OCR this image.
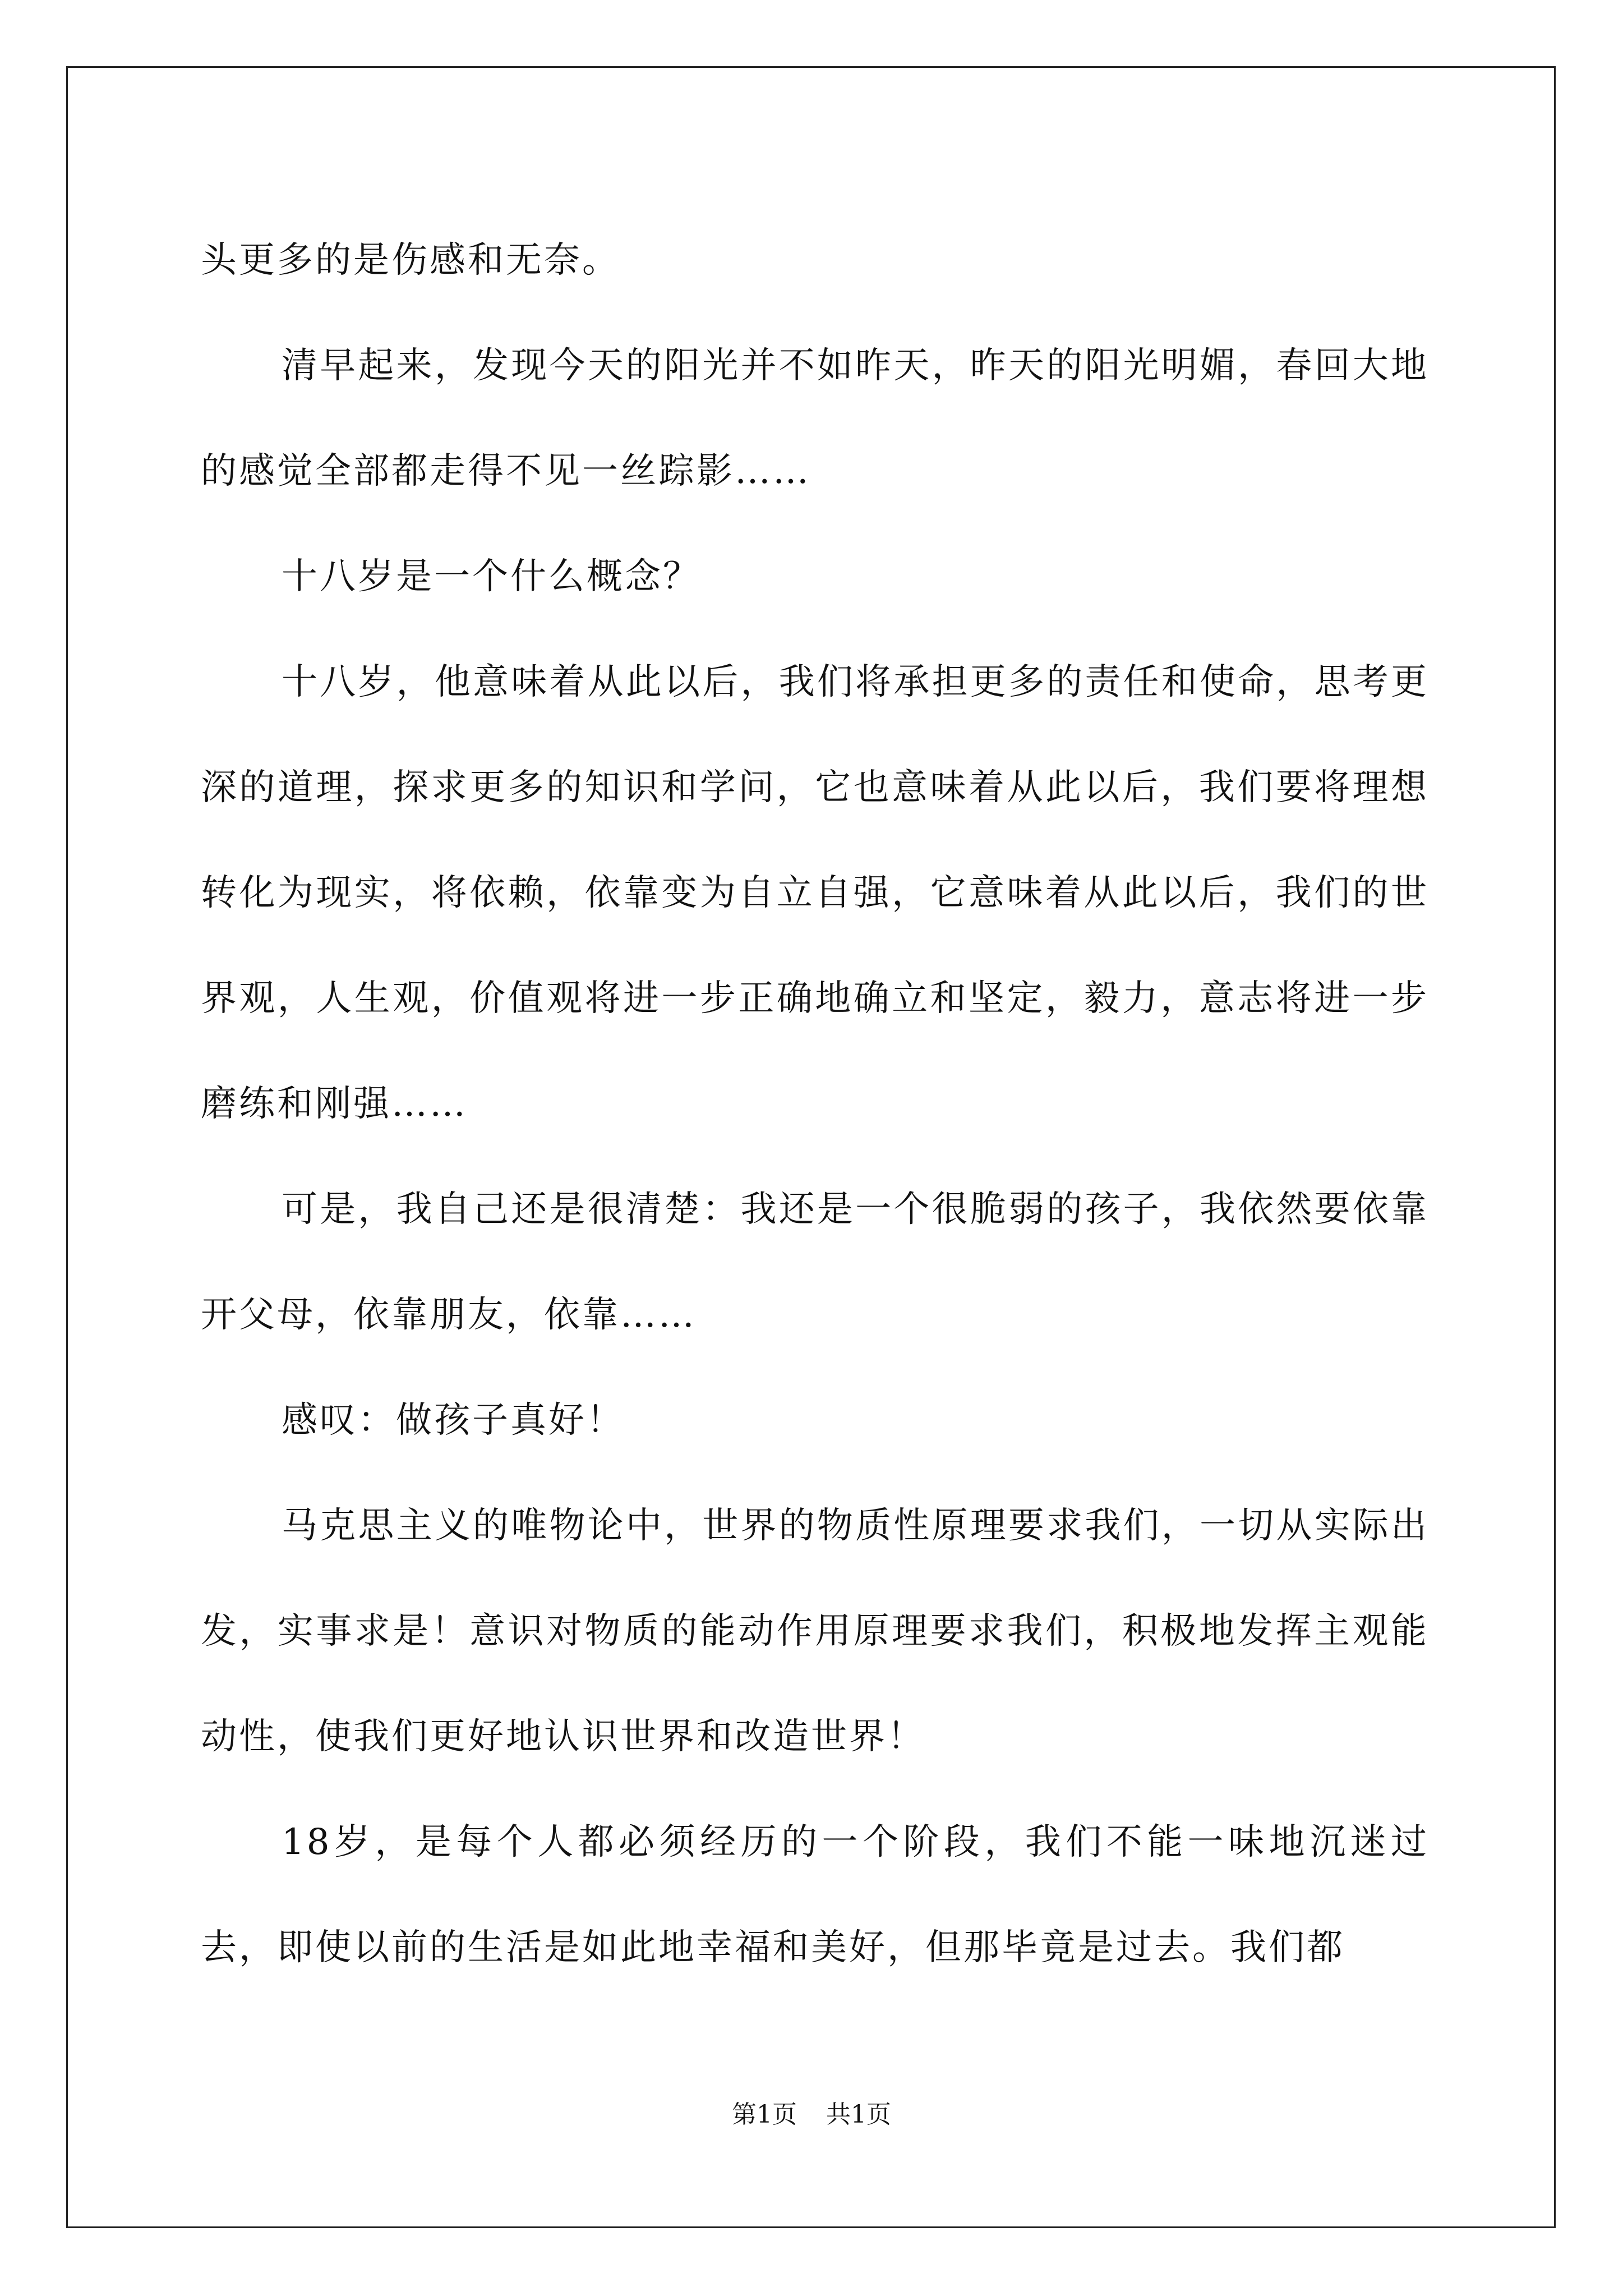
头更多的是伤感和无奈。

清早起来，发现今天的阳光并不如昨天，昨天的阳光明媚，春回大地的感觉全部都走得不见一丝踪影……

十八岁是一个什么概念？

十八岁，他意味着从此以后，我们将承担更多的责任和使命，思考更深的道理，探求更多的知识和学问，它也意味着从此以后，我们要将理想转化为现实，将依赖，依靠变为自立自强，它意味着从此以后，我们的世界观，人生观，价值观将进一步正确地确立和坚定，毅力，意志将进一步磨练和刚强……

可是，我自己还是很清楚：我还是一个很脆弱的孩子，我依然要依靠开父母，依靠朋友，依靠……

感叹：做孩子真好！

马克思主义的唯物论中，世界的物质性原理要求我们，一切从实际出发，实事求是！意识对物质的能动作用原理要求我们，积极地发挥主观能动性，使我们更好地认识世界和改造世界！

18岁，是每个人都必须经历的一个阶段，我们不能一味地沉迷过去，即使以前的生活是如此地幸福和美好，但那毕竟是过去。我们都

第1页 共1页
